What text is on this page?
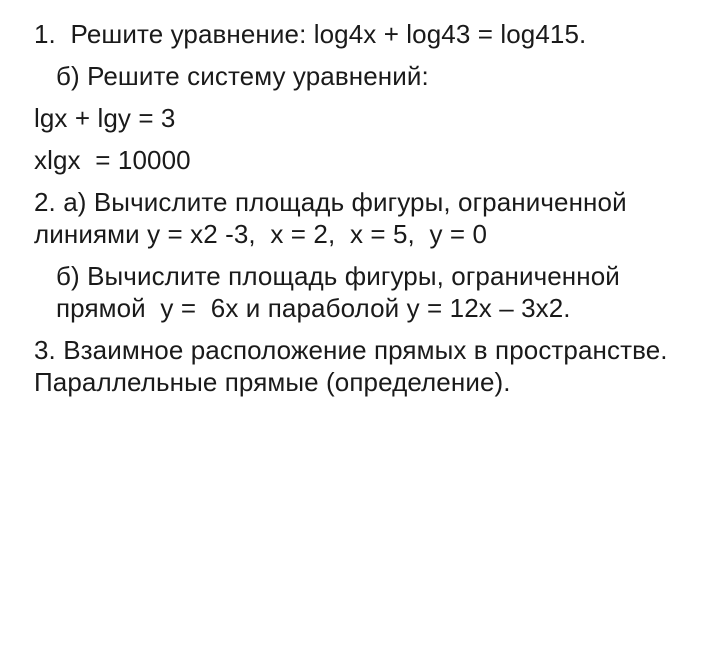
1.  Решите уравнение: log4x + log43 = log415.

б) Решите систему уравнений:

lgx + lgy = 3

xlgx  = 10000

2. а) Вычислите площадь фигуры, ограниченной линиями y = x2 -3,  x = 2,  x = 5,  y = 0

б) Вычислите площадь фигуры, ограниченной прямой  y =  6x и параболой y = 12x – 3x2.

3. Взаимное расположение прямых в пространстве. Параллельные прямые (определение).
